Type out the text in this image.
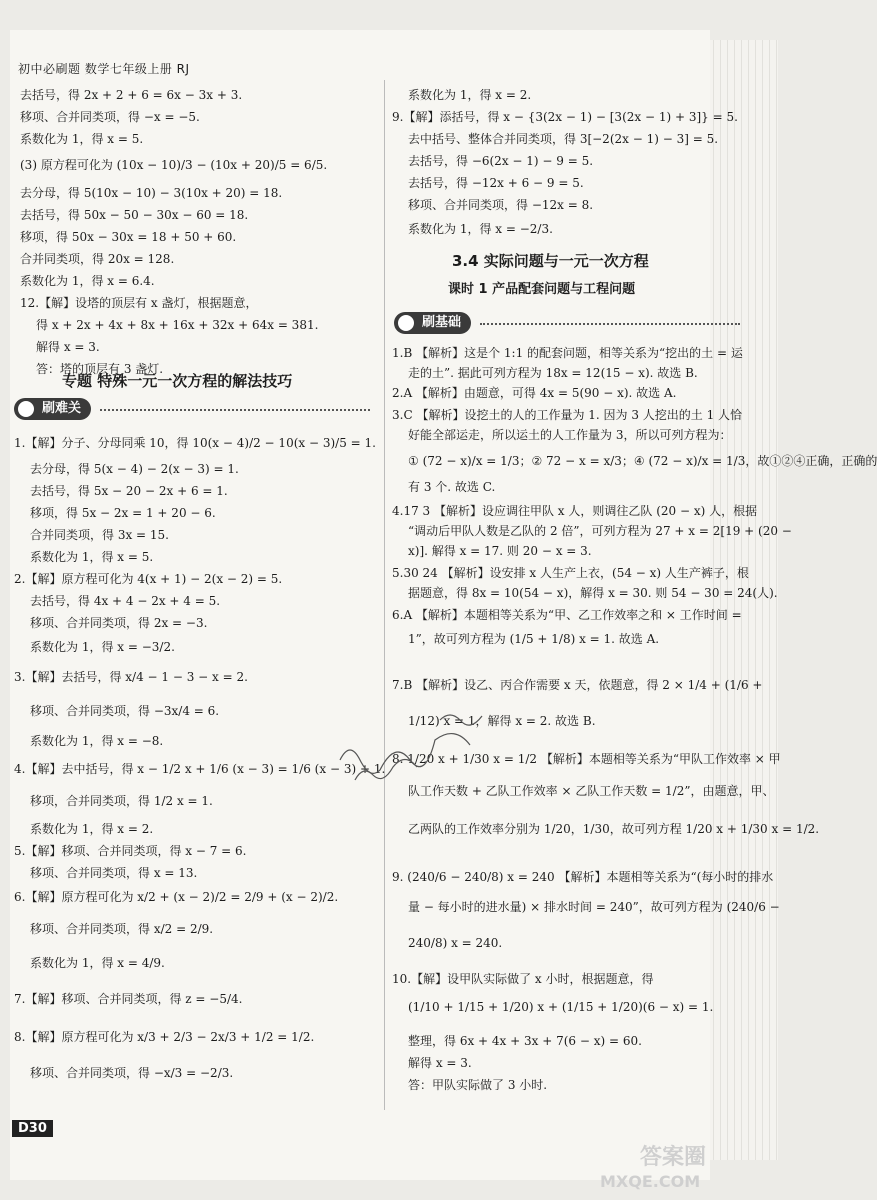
初中必刷题 数学七年级上册 RJ
去括号，得 2x + 2 + 6 = 6x − 3x + 3.
移项、合并同类项，得 −x = −5.
系数化为 1，得 x = 5.
(3) 原方程可化为 (10x − 10)/3 − (10x + 20)/5 = 6/5.
去分母，得 5(10x − 10) − 3(10x + 20) = 18.
去括号，得 50x − 50 − 30x − 60 = 18.
移项，得 50x − 30x = 18 + 50 + 60.
合并同类项，得 20x = 128.
系数化为 1，得 x = 6.4.
12.【解】设塔的顶层有 x 盏灯，根据题意，
得 x + 2x + 4x + 8x + 16x + 32x + 64x = 381.
解得 x = 3.
答：塔的顶层有 3 盏灯.
专题 特殊一元一次方程的解法技巧
刷难关
1.【解】分子、分母同乘 10，得 10(x − 4)/2 − 10(x − 3)/5 = 1.
去分母，得 5(x − 4) − 2(x − 3) = 1.
去括号，得 5x − 20 − 2x + 6 = 1.
移项，得 5x − 2x = 1 + 20 − 6.
合并同类项，得 3x = 15.
系数化为 1，得 x = 5.
2.【解】原方程可化为 4(x + 1) − 2(x − 2) = 5.
去括号，得 4x + 4 − 2x + 4 = 5.
移项、合并同类项，得 2x = −3.
系数化为 1，得 x = −3/2.
3.【解】去括号，得 x/4 − 1 − 3 − x = 2.
移项、合并同类项，得 −3x/4 = 6.
系数化为 1，得 x = −8.
4.【解】去中括号，得 x − 1/2 x + 1/6 (x − 3) = 1/6 (x − 3) + 1.
移项，合并同类项，得 1/2 x = 1.
系数化为 1，得 x = 2.
5.【解】移项、合并同类项，得 x − 7 = 6.
移项、合并同类项，得 x = 13.
6.【解】原方程可化为 x/2 + (x − 2)/2 = 2/9 + (x − 2)/2.
移项、合并同类项，得 x/2 = 2/9.
系数化为 1，得 x = 4/9.
7.【解】移项、合并同类项，得 z = −5/4.
8.【解】原方程可化为 x/3 + 2/3 − 2x/3 + 1/2 = 1/2.
移项、合并同类项，得 −x/3 = −2/3.
系数化为 1，得 x = 2.
9.【解】添括号，得 x − {3(2x − 1) − [3(2x − 1) + 3]} = 5.
去中括号、整体合并同类项，得 3[−2(2x − 1) − 3] = 5.
去括号，得 −6(2x − 1) − 9 = 5.
去括号，得 −12x + 6 − 9 = 5.
移项、合并同类项，得 −12x = 8.
系数化为 1，得 x = −2/3.
3.4 实际问题与一元一次方程
课时 1 产品配套问题与工程问题
刷基础
1.B 【解析】这是个 1:1 的配套问题，相等关系为“挖出的土 = 运
走的土”. 据此可列方程为 18x = 12(15 − x). 故选 B.
2.A 【解析】由题意，可得 4x = 5(90 − x). 故选 A.
3.C 【解析】设挖土的人的工作量为 1. 因为 3 人挖出的土 1 人恰
好能全部运走，所以运土的人工作量为 3，所以可列方程为：
① (72 − x)/x = 1/3；② 72 − x = x/3；④ (72 − x)/x = 1/3，故①②④正确，正确的
有 3 个. 故选 C.
4.17 3 【解析】设应调往甲队 x 人，则调往乙队 (20 − x) 人，根据
“调动后甲队人数是乙队的 2 倍”，可列方程为 27 + x = 2[19 + (20 −
x)]. 解得 x = 17. 则 20 − x = 3.
5.30 24 【解析】设安排 x 人生产上衣，(54 − x) 人生产裤子，根
据题意，得 8x = 10(54 − x)，解得 x = 30. 则 54 − 30 = 24(人).
6.A 【解析】本题相等关系为“甲、乙工作效率之和 × 工作时间 =
1”，故可列方程为 (1/5 + 1/8) x = 1. 故选 A.
7.B 【解析】设乙、丙合作需要 x 天，依题意，得 2 × 1/4 + (1/6 +
1/12) x = 1，解得 x = 2. 故选 B.
8. 1/20 x + 1/30 x = 1/2 【解析】本题相等关系为“甲队工作效率 × 甲
队工作天数 + 乙队工作效率 × 乙队工作天数 = 1/2”，由题意，甲、
乙两队的工作效率分别为 1/20，1/30，故可列方程 1/20 x + 1/30 x = 1/2.
9. (240/6 − 240/8) x = 240 【解析】本题相等关系为“(每小时的排水
量 − 每小时的进水量) × 排水时间 = 240”，故可列方程为 (240/6 −
240/8) x = 240.
10.【解】设甲队实际做了 x 小时，根据题意，得
(1/10 + 1/15 + 1/20) x + (1/15 + 1/20)(6 − x) = 1.
整理，得 6x + 4x + 3x + 7(6 − x) = 60.
解得 x = 3.
答：甲队实际做了 3 小时.
D30
答案圈
MXQE.COM
